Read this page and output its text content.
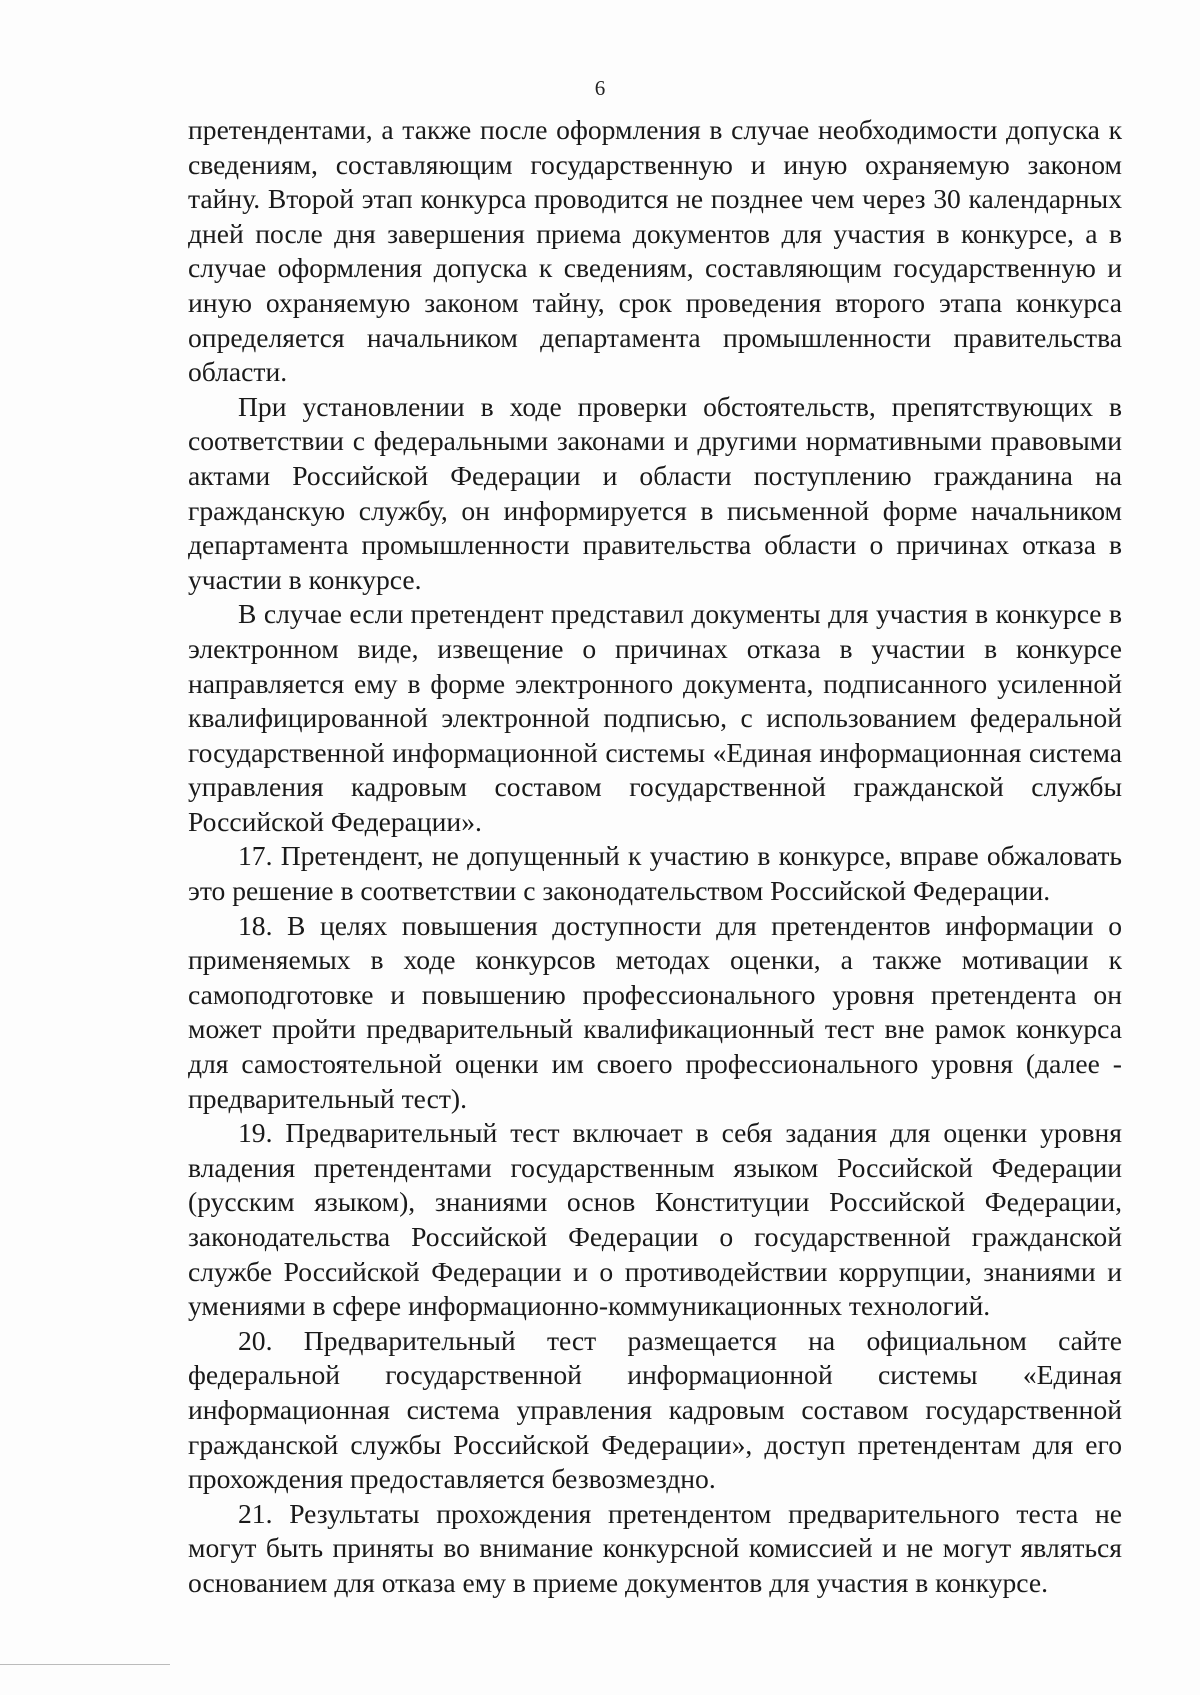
6

претендентами, а также после оформления в случае необходимости допуска к сведениям, составляющим государственную и иную охраняемую законом тайну. Второй этап конкурса проводится не позднее чем через 30 календарных дней после дня завершения приема документов для участия в конкурсе, а в случае оформления допуска к сведениям, составляющим государственную и иную охраняемую законом тайну, срок проведения второго этапа конкурса определяется начальником департамента промышленности правительства области.

При установлении в ходе проверки обстоятельств, препятствующих в соответствии с федеральными законами и другими нормативными правовыми актами Российской Федерации и области поступлению гражданина на гражданскую службу, он информируется в письменной форме начальником департамента промышленности правительства области о причинах отказа в участии в конкурсе.

В случае если претендент представил документы для участия в конкурсе в электронном виде, извещение о причинах отказа в участии в конкурсе направляется ему в форме электронного документа, подписанного усиленной квалифицированной электронной подписью, с использованием федеральной государственной информационной системы «Единая информационная система управления кадровым составом государственной гражданской службы Российской Федерации».

17. Претендент, не допущенный к участию в конкурсе, вправе обжаловать это решение в соответствии с законодательством Российской Федерации.

18. В целях повышения доступности для претендентов информации о применяемых в ходе конкурсов методах оценки, а также мотивации к самоподготовке и повышению профессионального уровня претендента он может пройти предварительный квалификационный тест вне рамок конкурса для самостоятельной оценки им своего профессионального уровня (далее - предварительный тест).

19. Предварительный тест включает в себя задания для оценки уровня владения претендентами государственным языком Российской Федерации (русским языком), знаниями основ Конституции Российской Федерации, законодательства Российской Федерации о государственной гражданской службе Российской Федерации и о противодействии коррупции, знаниями и умениями в сфере информационно-коммуникационных технологий.

20. Предварительный тест размещается на официальном сайте федеральной государственной информационной системы «Единая информационная система управления кадровым составом государственной гражданской службы Российской Федерации», доступ претендентам для его прохождения предоставляется безвозмездно.

21. Результаты прохождения претендентом предварительного теста не могут быть приняты во внимание конкурсной комиссией и не могут являться основанием для отказа ему в приеме документов для участия в конкурсе.
